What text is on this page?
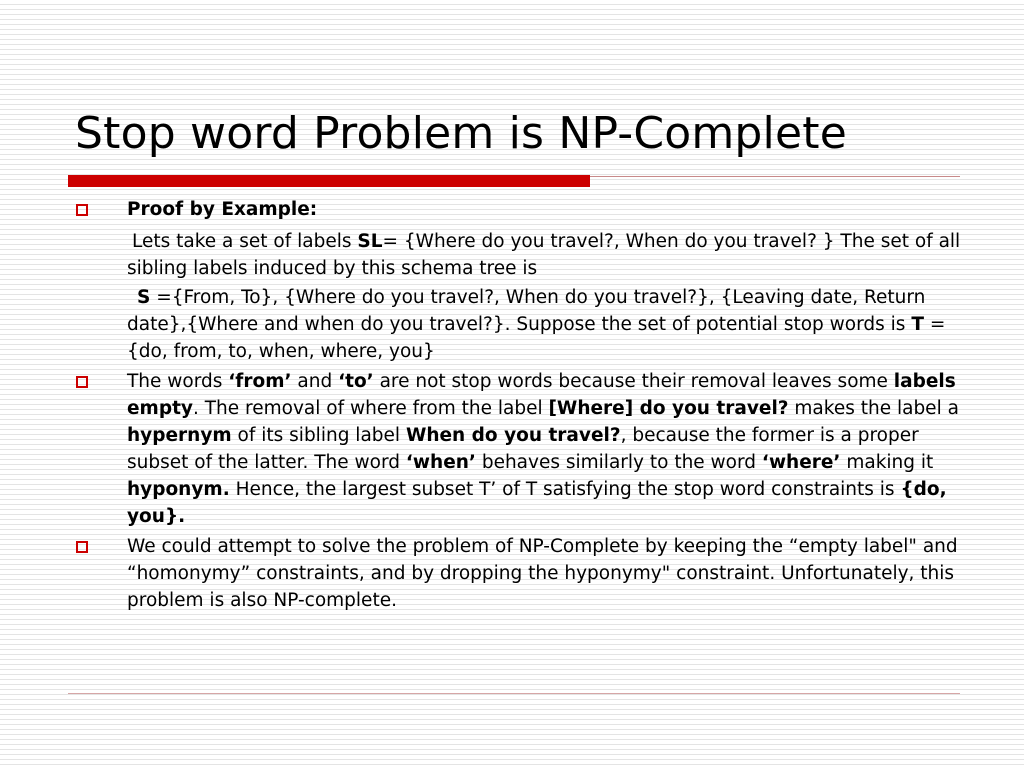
Stop word Problem is NP-Complete
Proof by Example:
Lets take a set of labels SL= {Where do you travel?, When do you travel? } The set of all sibling labels induced by this schema tree is
S ={From, To}, {Where do you travel?, When do you travel?}, {Leaving date, Return date},{Where and when do you travel?}. Suppose the set of potential stop words is T = {do, from, to, when, where, you}
The words ‘from’ and ‘to’ are not stop words because their removal leaves some labels empty. The removal of where from the label [Where] do you travel? makes the label a hypernym of its sibling label When do you travel?, because the former is a proper subset of the latter. The word ‘when’ behaves similarly to the word ‘where’ making it hyponym. Hence, the largest subset T’ of T satisfying the stop word constraints is {do, you}.
We could attempt to solve the problem of NP-Complete by keeping the “empty label" and “homonymy” constraints, and by dropping the hyponymy" constraint. Unfortunately, this problem is also NP-complete.
